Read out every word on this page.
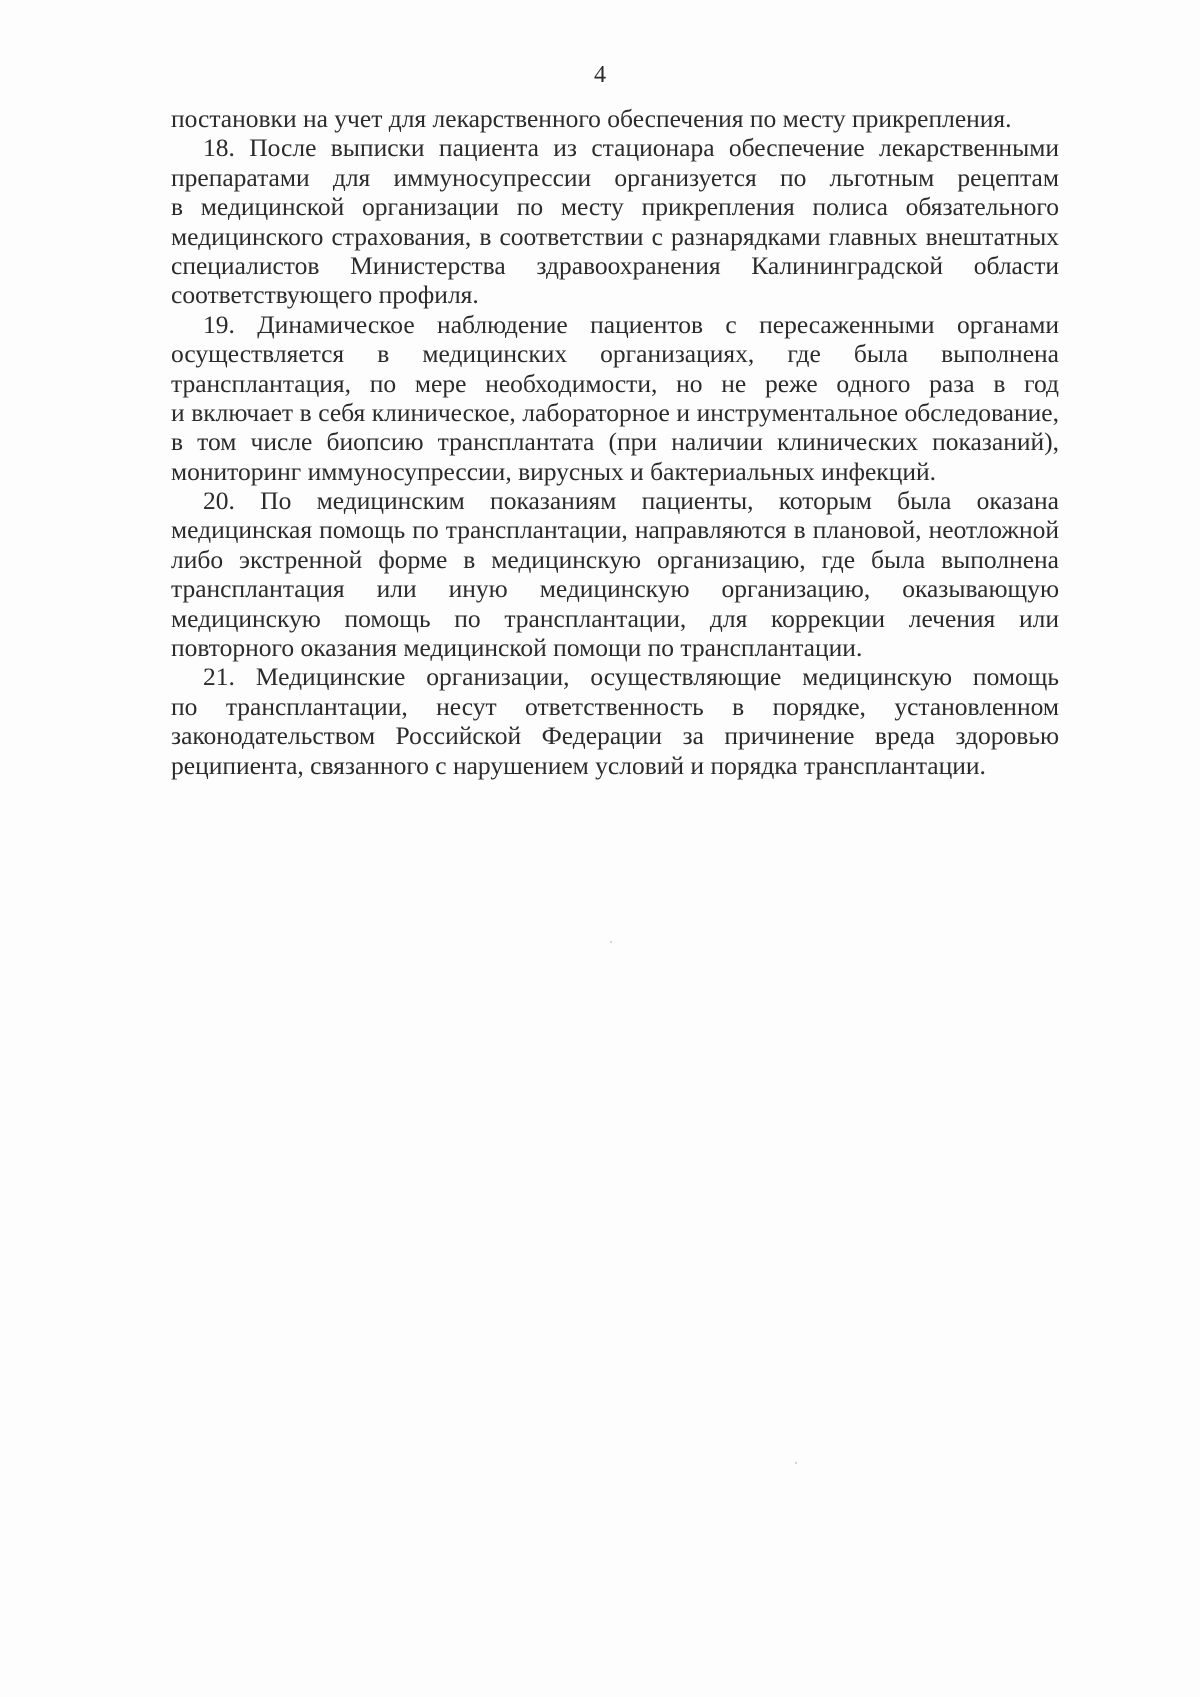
4
постановки на учет для лекарственного обеспечения по месту прикрепления.
18. После выписки пациента из стационара обеспечение лекарственными
препаратами для иммуносупрессии организуется по льготным рецептам
в медицинской организации по месту прикрепления полиса обязательного
медицинского страхования, в соответствии с разнарядками главных внештатных
специалистов Министерства здравоохранения Калининградской области
соответствующего профиля.
19. Динамическое наблюдение пациентов с пересаженными органами
осуществляется в медицинских организациях, где была выполнена
трансплантация, по мере необходимости, но не реже одного раза в год
и включает в себя клиническое, лабораторное и инструментальное обследование,
в том числе биопсию трансплантата (при наличии клинических показаний),
мониторинг иммуносупрессии, вирусных и бактериальных инфекций.
20. По медицинским показаниям пациенты, которым была оказана
медицинская помощь по трансплантации, направляются в плановой, неотложной
либо экстренной форме в медицинскую организацию, где была выполнена
трансплантация или иную медицинскую организацию, оказывающую
медицинскую помощь по трансплантации, для коррекции лечения или
повторного оказания медицинской помощи по трансплантации.
21. Медицинские организации, осуществляющие медицинскую помощь
по трансплантации, несут ответственность в порядке, установленном
законодательством Российской Федерации за причинение вреда здоровью
реципиента, связанного с нарушением условий и порядка трансплантации.
